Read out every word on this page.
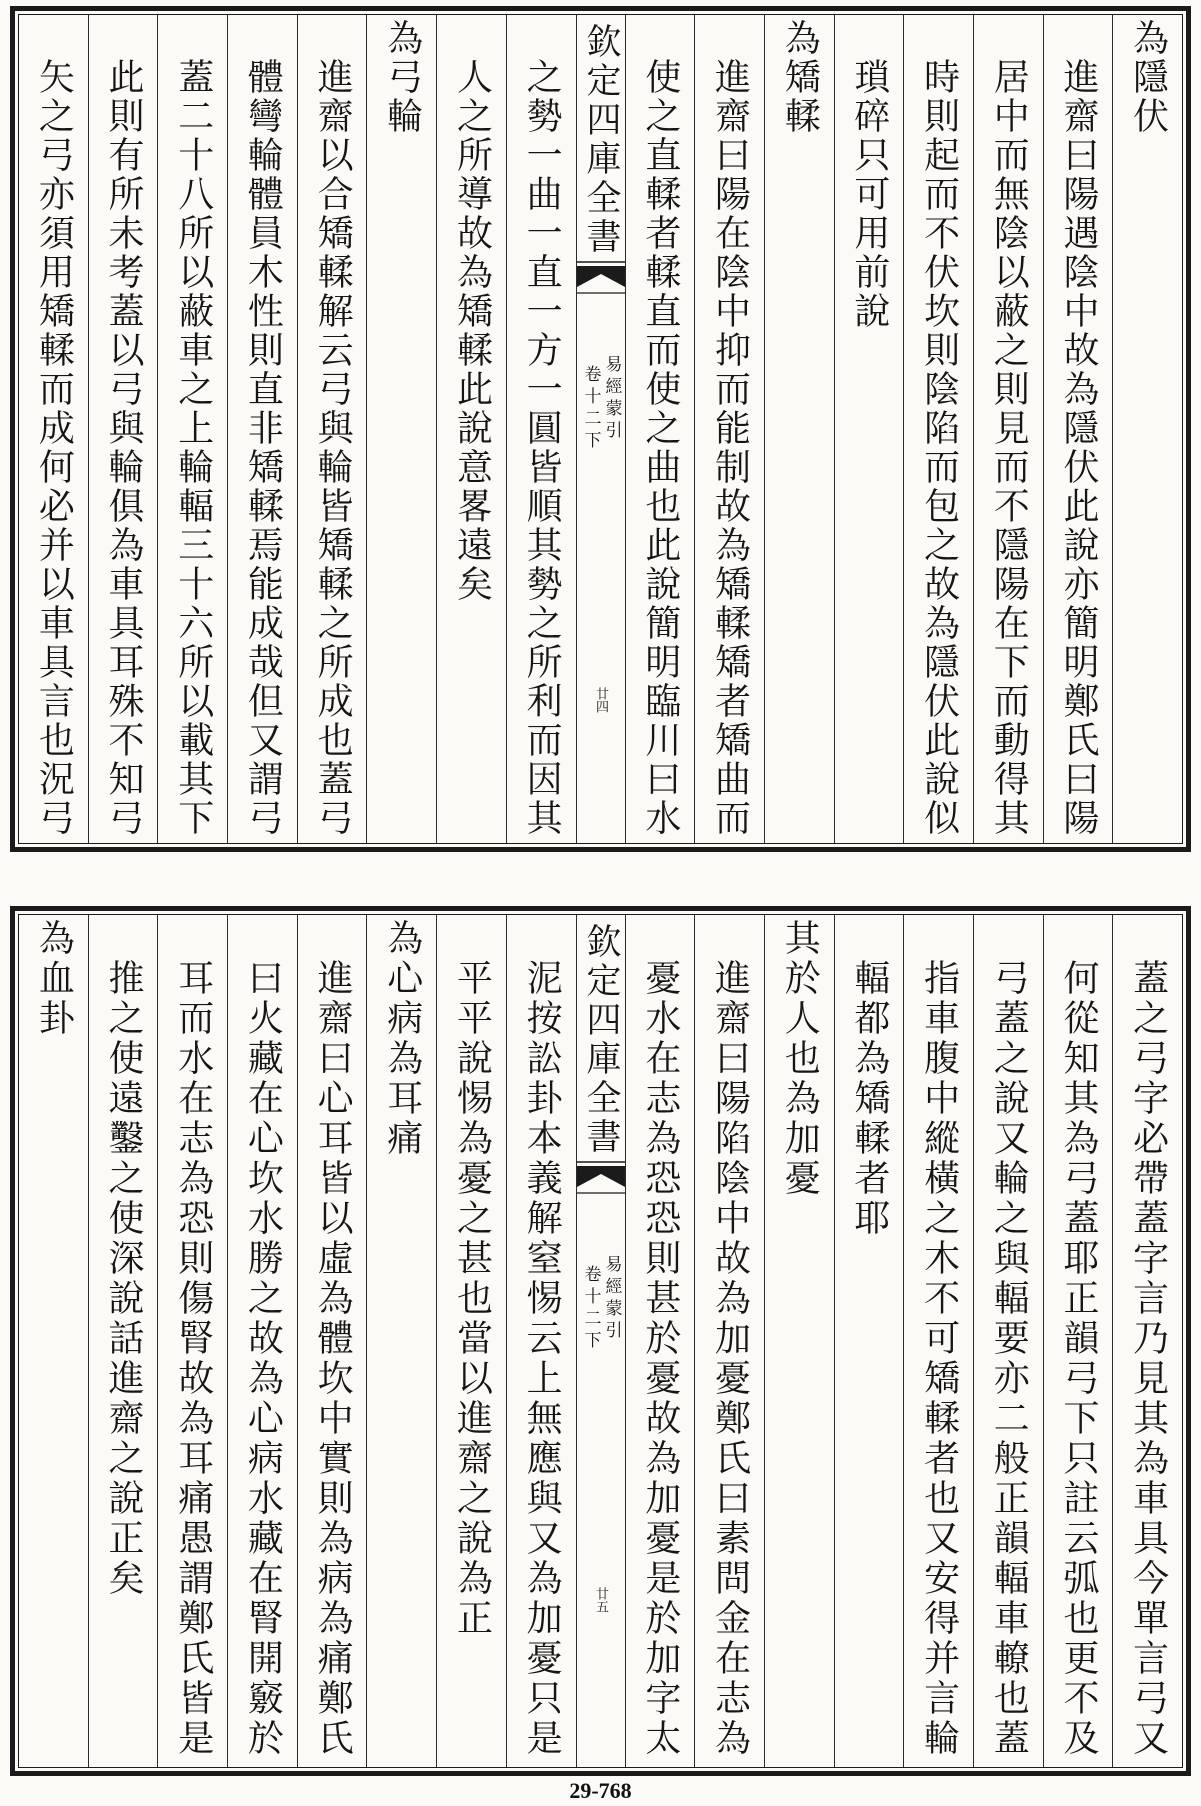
為隱伏
進齋曰陽遇陰中故為隱伏此說亦簡明鄭氏曰陽
居中而無陰以蔽之則見而不隱陽在下而動得其
時則起而不伏坎則陰陷而包之故為隱伏此說似
瑣碎只可用前說
為矯輮
進齋曰陽在陰中抑而能制故為矯輮矯者矯曲而
使之直輮者輮直而使之曲也此說簡明臨川曰水
欽定四庫全書
易經蒙引
卷十二下
廿四
之勢一曲一直一方一圓皆順其勢之所利而因其
人之所導故為矯輮此說意畧遠矣
為弓輪
進齋以合矯輮解云弓與輪皆矯輮之所成也蓋弓
體彎輪體員木性則直非矯輮焉能成哉但又謂弓
蓋二十八所以蔽車之上輪輻三十六所以載其下
此則有所未考蓋以弓與輪俱為車具耳殊不知弓
矢之弓亦須用矯輮而成何必并以車具言也況弓
蓋之弓字必帶蓋字言乃見其為車具今單言弓又
何從知其為弓蓋耶正韻弓下只註云弧也更不及
弓蓋之說又輪之與輻要亦二般正韻輻車轑也蓋
指車腹中縱橫之木不可矯輮者也又安得并言輪
輻都為矯輮者耶
其於人也為加憂
進齋曰陽陷陰中故為加憂鄭氏曰素問金在志為
憂水在志為恐恐則甚於憂故為加憂是於加字太
欽定四庫全書
易經蒙引
卷十二下
廿五
泥按訟卦本義解窒惕云上無應與又為加憂只是
平平說惕為憂之甚也當以進齋之說為正
為心病為耳痛
進齋曰心耳皆以虛為體坎中實則為病為痛鄭氏
曰火藏在心坎水勝之故為心病水藏在腎開竅於
耳而水在志為恐則傷腎故為耳痛愚謂鄭氏皆是
推之使遠鑿之使深說話進齋之說正矣
為血卦
29-768
